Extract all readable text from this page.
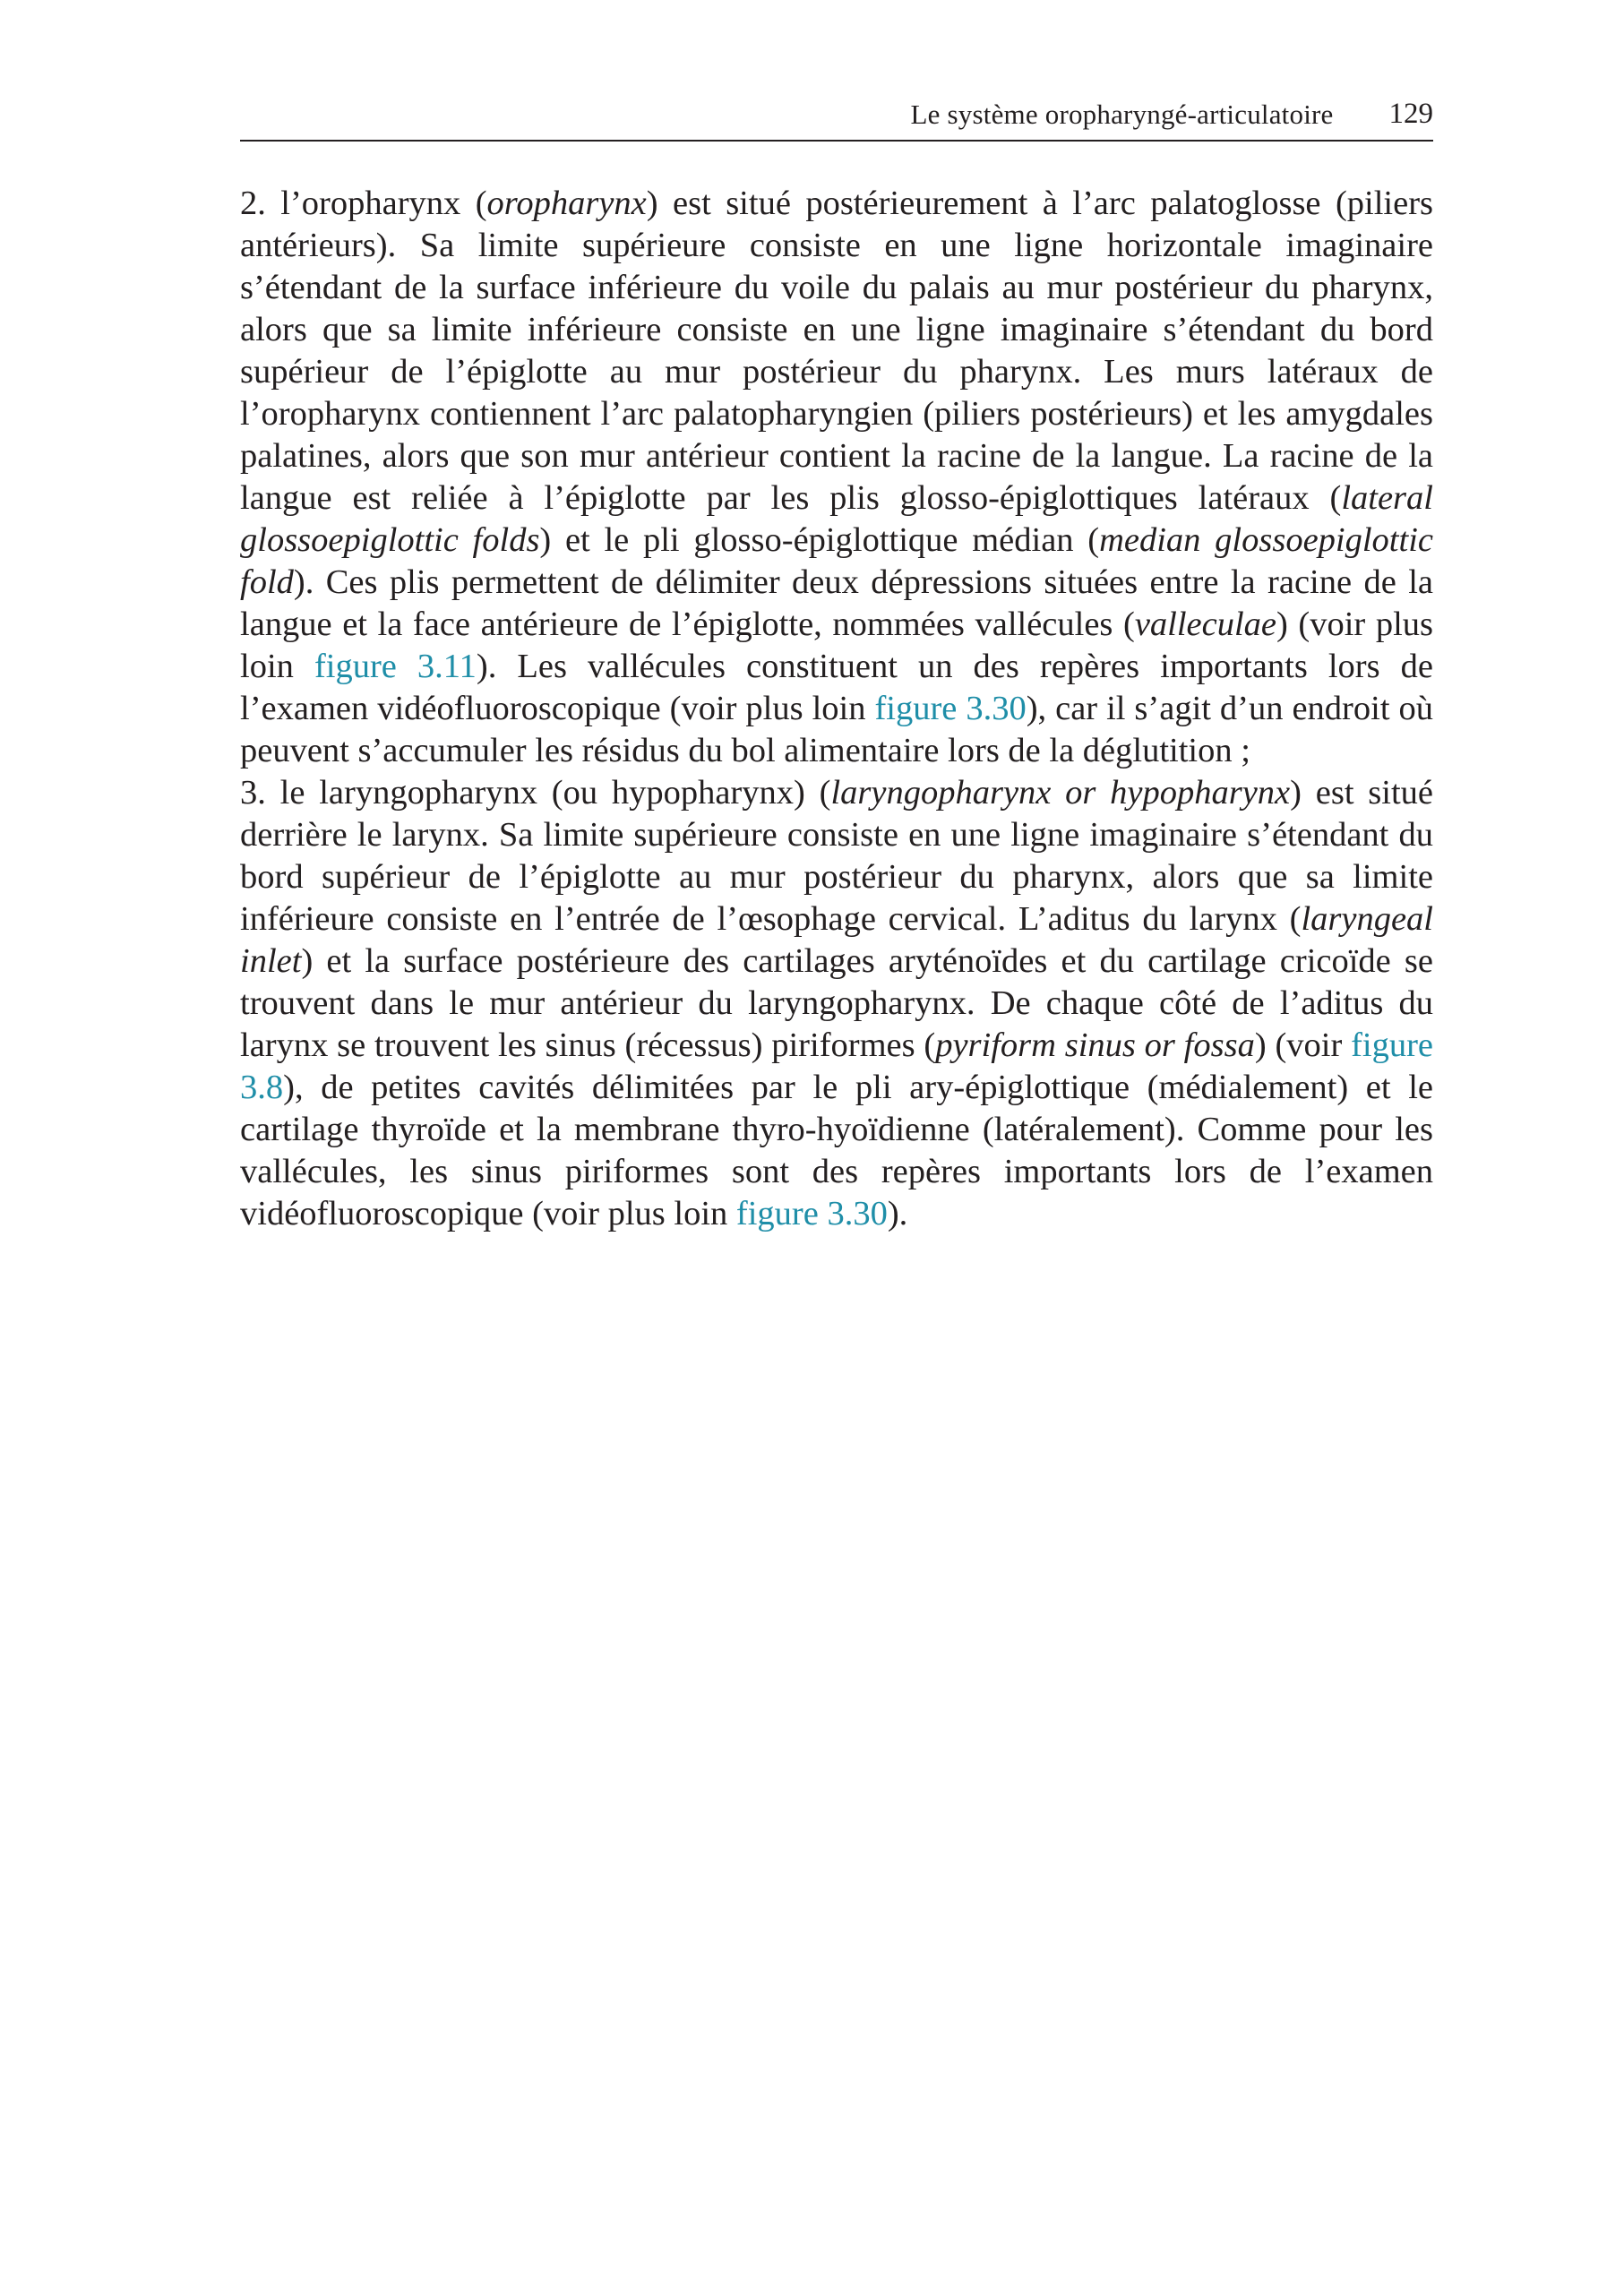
Le système oropharyngé-articulatoire 129

2. l’oropharynx (oropharynx) est situé postérieurement à l’arc palatoglosse (piliers antérieurs). Sa limite supérieure consiste en une ligne horizontale imaginaire s’étendant de la surface inférieure du voile du palais au mur postérieur du pharynx, alors que sa limite inférieure consiste en une ligne imaginaire s’étendant du bord supérieur de l’épiglotte au mur postérieur du pharynx. Les murs latéraux de l’oropharynx contiennent l’arc palatopharyngien (piliers postérieurs) et les amygdales palatines, alors que son mur antérieur contient la racine de la langue. La racine de la langue est reliée à l’épiglotte par les plis glosso-épiglottiques latéraux (lateral glossoepiglottic folds) et le pli glosso-épiglottique médian (median glossoepiglottic fold). Ces plis permettent de délimiter deux dépressions situées entre la racine de la langue et la face antérieure de l’épiglotte, nommées vallécules (valleculae) (voir plus loin figure 3.11). Les vallécules constituent un des repères importants lors de l’examen vidéofluoroscopique (voir plus loin figure 3.30), car il s’agit d’un endroit où peuvent s’accumuler les résidus du bol alimentaire lors de la déglutition ;

3. le laryngopharynx (ou hypopharynx) (laryngopharynx or hypopharynx) est situé derrière le larynx. Sa limite supérieure consiste en une ligne imaginaire s’étendant du bord supérieur de l’épiglotte au mur postérieur du pharynx, alors que sa limite inférieure consiste en l’entrée de l’œsophage cervical. L’aditus du larynx (laryngeal inlet) et la surface postérieure des cartilages aryténoïdes et du cartilage cricoïde se trouvent dans le mur antérieur du laryngopharynx. De chaque côté de l’aditus du larynx se trouvent les sinus (récessus) piriformes (pyriform sinus or fossa) (voir figure 3.8), de petites cavités délimitées par le pli ary-épiglottique (médialement) et le cartilage thyroïde et la membrane thyro-hyoïdienne (latéralement). Comme pour les vallécules, les sinus piriformes sont des repères importants lors de l’examen vidéofluoroscopique (voir plus loin figure 3.30).
